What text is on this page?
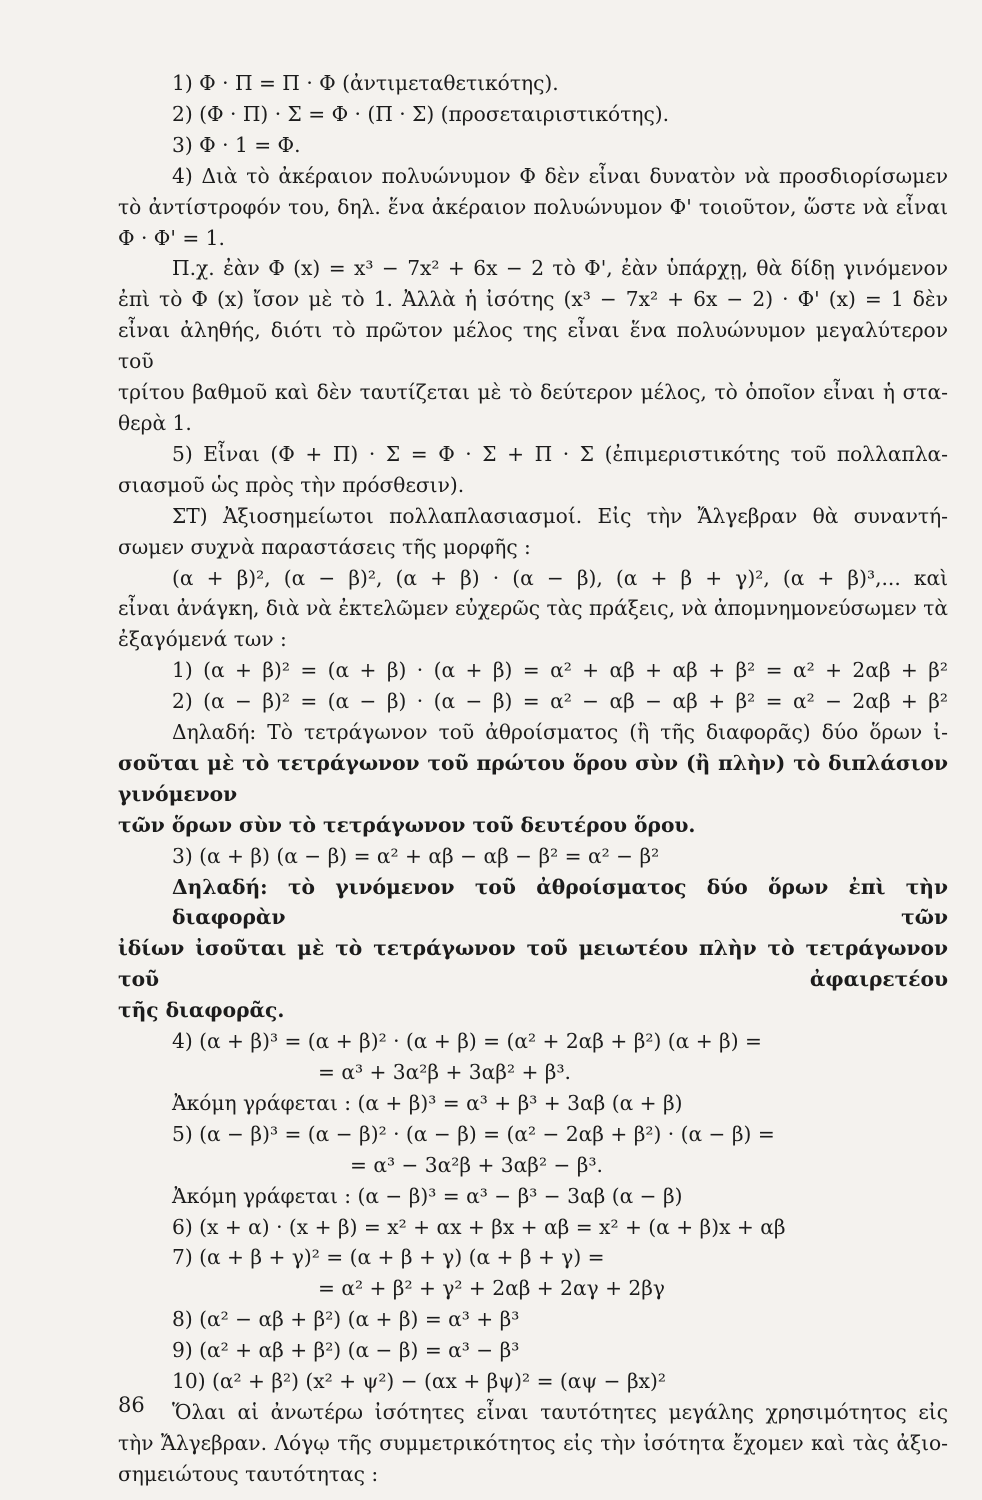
1) Φ · Π = Π · Φ (ἀντιμεταθετικότης).
2) (Φ · Π) · Σ = Φ · (Π · Σ) (προσεταιριστικότης).
3) Φ · 1 = Φ.
4) Διὰ τὸ ἀκέραιον πολυώνυμον Φ δὲν εἶναι δυνατὸν νὰ προσδιορίσωμεν
τὸ ἀντίστροφόν του, δηλ. ἕνα ἀκέραιον πολυώνυμον Φ' τοιοῦτον, ὥστε νὰ εἶναι
Φ · Φ' = 1.
Π.χ. ἐὰν Φ (x) = x³ − 7x² + 6x − 2 τὸ Φ', ἐὰν ὑπάρχῃ, θὰ δίδῃ γινόμενον
ἐπὶ τὸ Φ (x) ἴσον μὲ τὸ 1. Ἀλλὰ ἡ ἰσότης (x³ − 7x² + 6x − 2) · Φ' (x) = 1 δὲν
εἶναι ἀληθής, διότι τὸ πρῶτον μέλος της εἶναι ἕνα πολυώνυμον μεγαλύτερον τοῦ
τρίτου βαθμοῦ καὶ δὲν ταυτίζεται μὲ τὸ δεύτερον μέλος, τὸ ὁποῖον εἶναι ἡ στα-
θερὰ 1.
5) Εἶναι (Φ + Π) · Σ = Φ · Σ + Π · Σ (ἐπιμεριστικότης τοῦ πολλαπλα-
σιασμοῦ ὡς πρὸς τὴν πρόσθεσιν).
ΣΤ) Ἀξιοσημείωτοι πολλαπλασιασμοί. Εἰς τὴν Ἄλγεβραν θὰ συναντή-
σωμεν συχνὰ παραστάσεις τῆς μορφῆς :
(α + β)², (α − β)², (α + β) · (α − β), (α + β + γ)², (α + β)³,... καὶ
εἶναι ἀνάγκη, διὰ νὰ ἐκτελῶμεν εὐχερῶς τὰς πράξεις, νὰ ἀπομνημονεύσωμεν τὰ
ἐξαγόμενά των :
1) (α + β)² = (α + β) · (α + β) = α² + αβ + αβ + β² = α² + 2αβ + β²
2) (α − β)² = (α − β) · (α − β) = α² − αβ − αβ + β² = α² − 2αβ + β²
Δηλαδή: Τὸ τετράγωνον τοῦ ἀθροίσματος (ἢ τῆς διαφορᾶς) δύο ὅρων ἰ-
σοῦται μὲ τὸ τετράγωνον τοῦ πρώτου ὅρου σὺν (ἢ πλὴν) τὸ διπλάσιον γινόμενον
τῶν ὅρων σὺν τὸ τετράγωνον τοῦ δευτέρου ὅρου.
3) (α + β) (α − β) = α² + αβ − αβ − β² = α² − β²
Δηλαδή: τὸ γινόμενον τοῦ ἀθροίσματος δύο ὅρων ἐπὶ τὴν διαφορὰν τῶν
ἰδίων ἰσοῦται μὲ τὸ τετράγωνον τοῦ μειωτέου πλὴν τὸ τετράγωνον τοῦ ἀφαιρετέου
τῆς διαφορᾶς.
4) (α + β)³ = (α + β)² · (α + β) = (α² + 2αβ + β²) (α + β) =
= α³ + 3α²β + 3αβ² + β³.
Ἀκόμη γράφεται : (α + β)³ = α³ + β³ + 3αβ (α + β)
5) (α − β)³ = (α − β)² · (α − β) = (α² − 2αβ + β²) · (α − β) =
= α³ − 3α²β + 3αβ² − β³.
Ἀκόμη γράφεται : (α − β)³ = α³ − β³ − 3αβ (α − β)
6) (x + α) · (x + β) = x² + αx + βx + αβ = x² + (α + β)x + αβ
7) (α + β + γ)² = (α + β + γ) (α + β + γ) =
= α² + β² + γ² + 2αβ + 2αγ + 2βγ
8) (α² − αβ + β²) (α + β) = α³ + β³
9) (α² + αβ + β²) (α − β) = α³ − β³
10) (α² + β²) (x² + ψ²) − (αx + βψ)² = (αψ − βx)²
Ὅλαι αἱ ἀνωτέρω ἰσότητες εἶναι ταυτότητες μεγάλης χρησιμότητος εἰς
τὴν Ἄλγεβραν. Λόγῳ τῆς συμμετρικότητος εἰς τὴν ἰσότητα ἔχομεν καὶ τὰς ἀξιο-
σημειώτους ταυτότητας :
86
